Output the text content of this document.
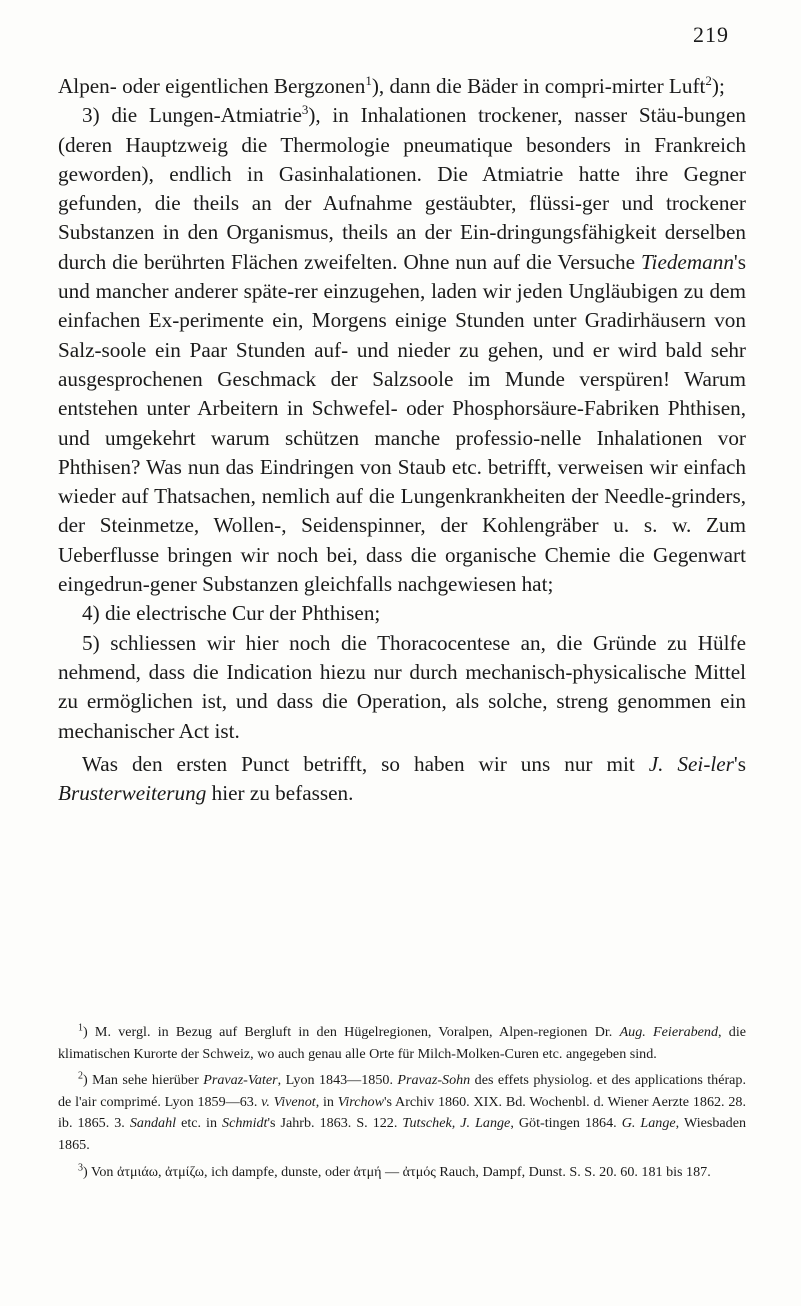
219

Alpen- oder eigentlichen Bergzonen$^1$), dann die Bäder in compri-mirter Luft$^2$);

3) die Lungen-Atmiatrie$^3$), in Inhalationen trockener, nasser Stäu-bungen (deren Hauptzweig die Thermologie pneumatique besonders in Frankreich geworden), endlich in Gasinhalationen. Die Atmiatrie hatte ihre Gegner gefunden, die theils an der Aufnahme gestäubter, flüssi-ger und trockener Substanzen in den Organismus, theils an der Ein-dringungsfähigkeit derselben durch die berührten Flächen zweifelten. Ohne nun auf die Versuche Tiedemann's und mancher anderer späte-rer einzugehen, laden wir jeden Ungläubigen zu dem einfachen Ex-perimente ein, Morgens einige Stunden unter Gradirhäusern von Salz-soole ein Paar Stunden auf- und nieder zu gehen, und er wird bald sehr ausgesprochenen Geschmack der Salzsoole im Munde verspüren! Warum entstehen unter Arbeitern in Schwefel- oder Phosphorsäure-Fabriken Phthisen, und umgekehrt warum schützen manche professio-nelle Inhalationen vor Phthisen? Was nun das Eindringen von Staub etc. betrifft, verweisen wir einfach wieder auf Thatsachen, nemlich auf die Lungenkrankheiten der Needle-grinders, der Steinmetze, Wollen-, Seidenspinner, der Kohlengräber u. s. w. Zum Ueberflusse bringen wir noch bei, dass die organische Chemie die Gegenwart eingedrun-gener Substanzen gleichfalls nachgewiesen hat;

4) die electrische Cur der Phthisen;

5) schliessen wir hier noch die Thoracocentese an, die Gründe zu Hülfe nehmend, dass die Indication hiezu nur durch mechanisch-physicalische Mittel zu ermöglichen ist, und dass die Operation, als solche, streng genommen ein mechanischer Act ist.

Was den ersten Punct betrifft, so haben wir uns nur mit J. Sei-ler's Brusterweiterung hier zu befassen.

$^1$) M. vergl. in Bezug auf Bergluft in den Hügelregionen, Voralpen, Alpen-regionen Dr. Aug. Feierabend, die klimatischen Kurorte der Schweiz, wo auch genau alle Orte für Milch-Molken-Curen etc. angegeben sind.

$^2$) Man sehe hierüber Pravaz-Vater, Lyon 1843—1850. Pravaz-Sohn des effets physiolog. et des applications thérap. de l'air comprimé. Lyon 1859—63. v. Vivenot, in Virchow's Archiv 1860. XIX. Bd. Wochenbl. d. Wiener Aerzte 1862. 28. ib. 1865. 3. Sandahl etc. in Schmidt's Jahrb. 1863. S. 122. Tutschek, J. Lange, Göt-tingen 1864. G. Lange, Wiesbaden 1865.

$^3$) Von ἀτμιάω, ἀτμίζω, ich dampfe, dunste, oder ἀτμή — ἀτμός Rauch, Dampf, Dunst. S. S. 20. 60. 181 bis 187.
